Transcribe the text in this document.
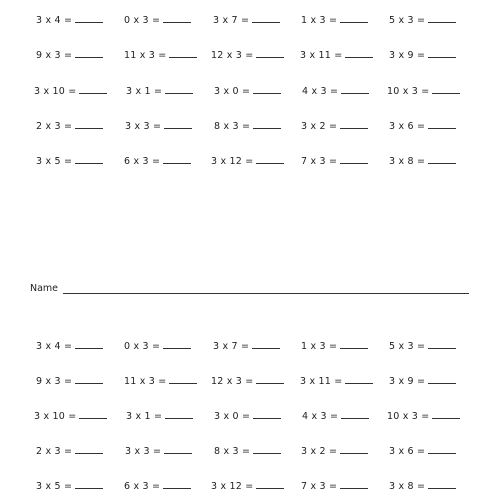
3 x 4 =	0 x 3 =	3 x 7 =	1 x 3 =	5 x 3 =
9 x 3 =	11 x 3 =	12 x 3 =	3 x 11 =	3 x 9 =
3 x 10 =	3 x 1 =	3 x 0 =	4 x 3 =	10 x 3 =
2 x 3 =	3 x 3 =	8 x 3 =	3 x 2 =	3 x 6 =
3 x 5 =	6 x 3 =	3 x 12 =	7 x 3 =	3 x 8 =
Name
3 x 4 =	0 x 3 =	3 x 7 =	1 x 3 =	5 x 3 =
9 x 3 =	11 x 3 =	12 x 3 =	3 x 11 =	3 x 9 =
3 x 10 =	3 x 1 =	3 x 0 =	4 x 3 =	10 x 3 =
2 x 3 =	3 x 3 =	8 x 3 =	3 x 2 =	3 x 6 =
3 x 5 =	6 x 3 =	3 x 12 =	7 x 3 =	3 x 8 =
